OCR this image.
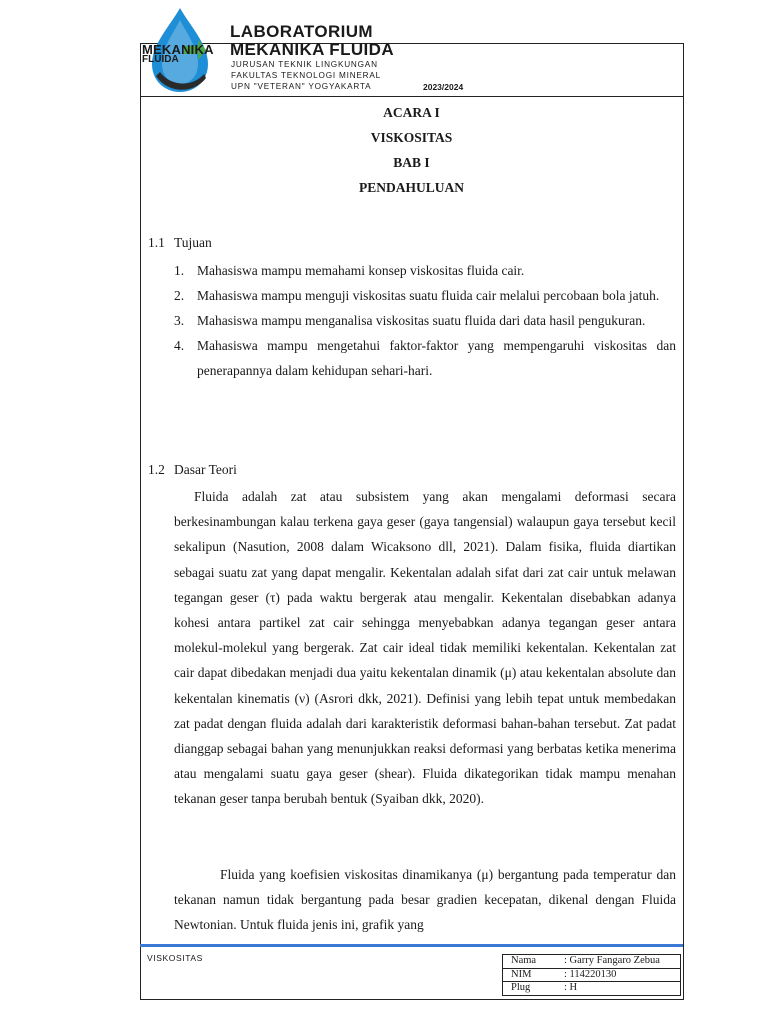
MEKANIKA
FLUIDA
LABORATORIUM
MEKANIKA FLUIDA
JURUSAN TEKNIK LINGKUNGAN
FAKULTAS TEKNOLOGI MINERAL
UPN "VETERAN" YOGYAKARTA	2023/2024
ACARA I
VISKOSITAS
BAB I
PENDAHULUAN
1.1 Tujuan
1. Mahasiswa mampu memahami konsep viskositas fluida cair.
2. Mahasiswa mampu menguji viskositas suatu fluida cair melalui percobaan bola jatuh.
3. Mahasiswa mampu menganalisa viskositas suatu fluida dari data hasil pengukuran.
4. Mahasiswa mampu mengetahui faktor-faktor yang mempengaruhi viskositas dan penerapannya dalam kehidupan sehari-hari.
1.2 Dasar Teori

Fluida adalah zat atau subsistem yang akan mengalami deformasi secara berkesinambungan kalau terkena gaya geser (gaya tangensial) walaupun gaya tersebut kecil sekalipun (Nasution, 2008 dalam Wicaksono dll, 2021). Dalam fisika, fluida diartikan sebagai suatu zat yang dapat mengalir. Kekentalan adalah sifat dari zat cair untuk melawan tegangan geser (τ) pada waktu bergerak atau mengalir. Kekentalan disebabkan adanya kohesi antara partikel zat cair sehingga menyebabkan adanya tegangan geser antara molekul-molekul yang bergerak. Zat cair ideal tidak memiliki kekentalan. Kekentalan zat cair dapat dibedakan menjadi dua yaitu kekentalan dinamik (μ) atau kekentalan absolute dan kekentalan kinematis (ν) (Asrori dkk, 2021). Definisi yang lebih tepat untuk membedakan zat padat dengan fluida adalah dari karakteristik deformasi bahan-bahan tersebut. Zat padat dianggap sebagai bahan yang menunjukkan reaksi deformasi yang berbatas ketika menerima atau mengalami suatu gaya geser (shear). Fluida dikategorikan tidak mampu menahan tekanan geser tanpa berubah bentuk (Syaiban dkk, 2020).

Fluida yang koefisien viskositas dinamikanya (μ) bergantung pada temperatur dan tekanan namun tidak bergantung pada besar gradien kecepatan, dikenal dengan Fluida Newtonian. Untuk fluida jenis ini, grafik yang

VISKOSITAS	Nama	: Garry Fangaro Zebua
NIM	: 114220130
Plug	: H
